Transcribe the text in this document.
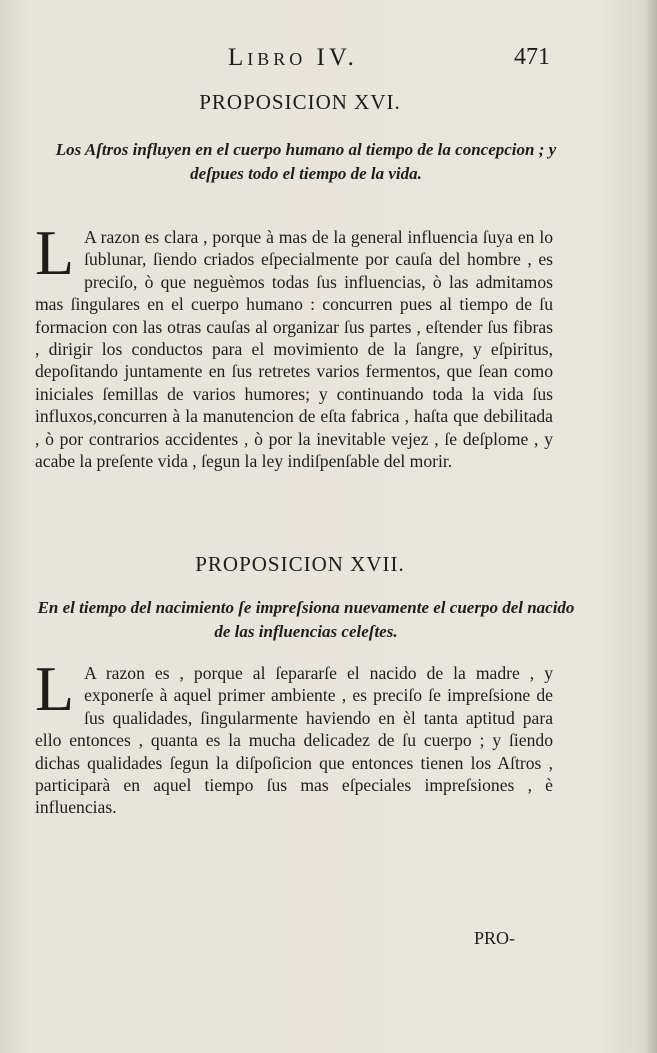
Libro IV.	471
PROPOSICION XVI.
Los Aſtros influyen en el cuerpo humano al tiempo de la concepcion ; y deſpues todo el tiempo de la vida.
L A razon es clara , porque à mas de la general influencia ſuya en lo ſublunar, ſiendo criados eſpecialmente por cauſa del hombre , es preciſo, ò que neguèmos todas ſus influencias, ò las admitamos mas ſingulares en el cuerpo humano : concurren pues al tiempo de ſu formacion con las otras cauſas al organizar ſus partes , eſtender ſus fibras , dirigir los conductos para el movimiento de la ſangre, y eſpiritus, depoſitando juntamente en ſus retretes varios fermentos, que ſean como iniciales ſemillas de varios humores; y continuando toda la vida ſus influxos,concurren à la manutencion de eſta fabrica , haſta que debilitada , ò por contrarios accidentes , ò por la inevitable vejez , ſe deſplome , y acabe la preſente vida , ſegun la ley indiſpenſable del morir.
PROPOSICION XVII.
En el tiempo del nacimiento ſe impreſsiona nuevamente el cuerpo del nacido de las influencias celeſtes.
L A razon es , porque al ſepararſe el nacido de la madre , y exponerſe à aquel primer ambiente , es preciſo ſe impreſsione de ſus qualidades, ſingularmente haviendo en èl tanta aptitud para ello entonces , quanta es la mucha delicadez de ſu cuerpo ; y ſiendo dichas qualidades ſegun la diſpoſicion que entonces tienen los Aſtros , participarà en aquel tiempo ſus mas eſpeciales impreſsiones , è influencias.
PRO-
